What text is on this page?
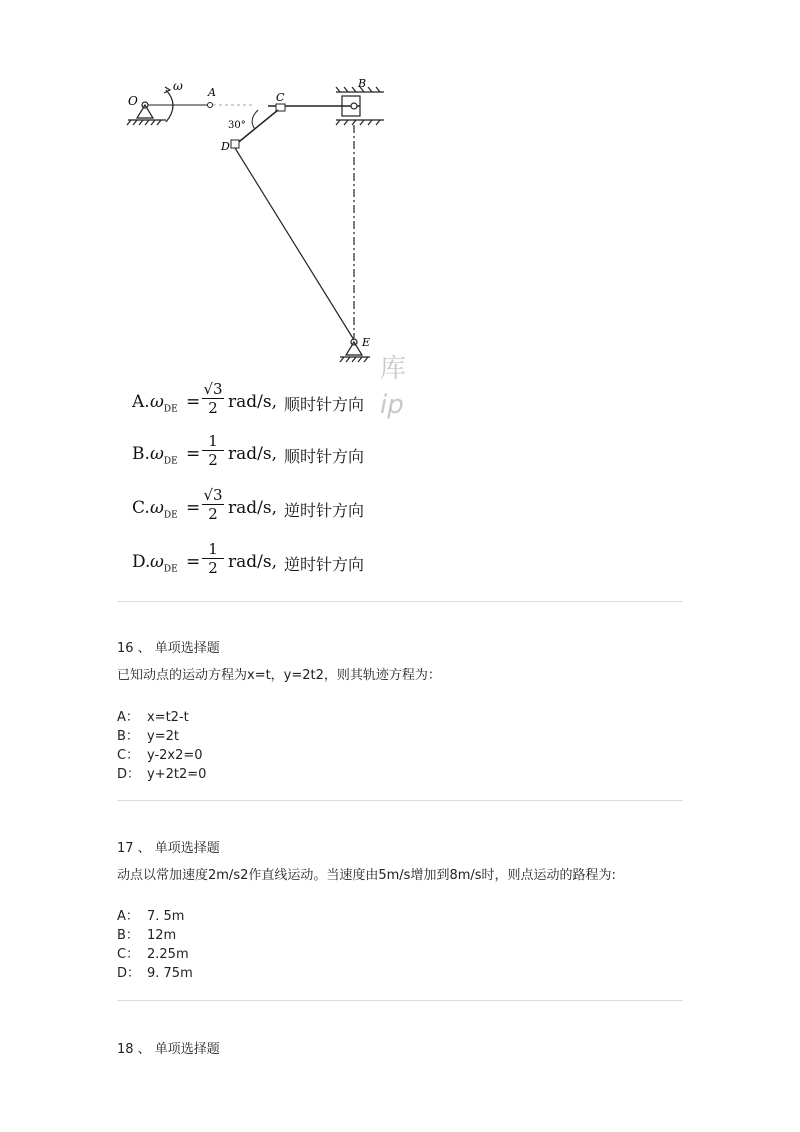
O
ω A
B
C
D
E
30°
库
ip
A. $\omega_{DE} = \frac{√3}{2} rad/s$, 顺时针方向
B. $\omega_{DE} = \frac{1}{2} rad/s$, 顺时针方向
C. $\omega_{DE} = \frac{√3}{2} rad/s$, 逆时针方向
D. $\omega_{DE} = \frac{1}{2} rad/s$, 逆时针方向
16 、 单项选择题
已知动点的运动方程为x=t，y=2t2，则其轨迹方程为：
A： x=t2-t
B： y=2t
C： y-2x2=0
D： y+2t2=0
17 、 单项选择题
动点以常加速度2m/s2作直线运动。当速度由5m/s增加到8m/s时，则点运动的路程为:
A： 7. 5m
B： 12m
C： 2.25m
D： 9. 75m
18 、 单项选择题
